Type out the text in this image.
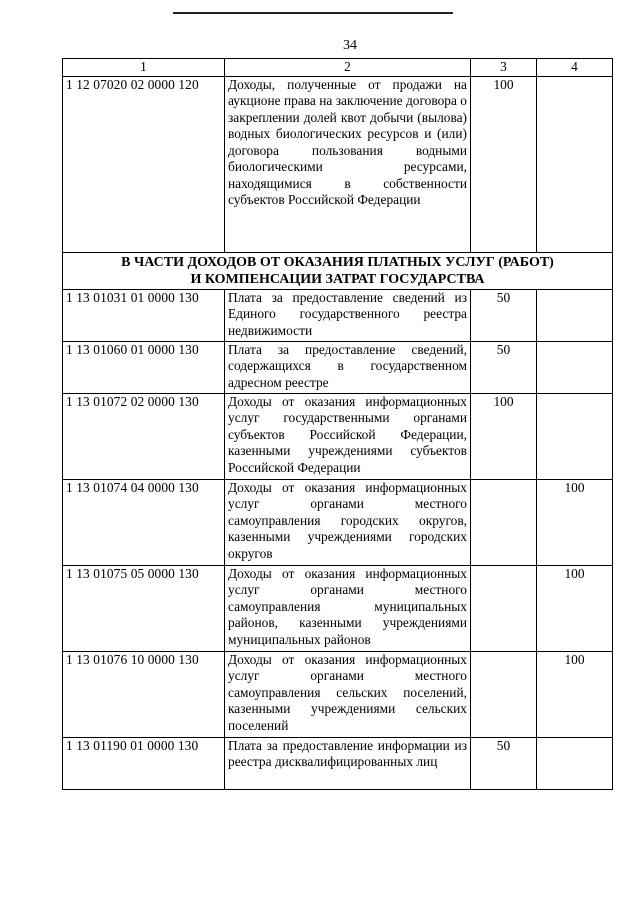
34
1	2	3	4
1 12 07020 02 0000 120	Доходы, полученные от продажи на аукционе права на заключение договора о закреплении долей квот добычи (вылова) водных биологических ресурсов и (или) договора пользования водными биологическими ресурсами, находящимися в собственности субъектов Российской Федерации	100	

В ЧАСТИ ДОХОДОВ ОТ ОКАЗАНИЯ ПЛАТНЫХ УСЛУГ (РАБОТ)
И КОМПЕНСАЦИИ ЗАТРАТ ГОСУДАРСТВА			

1 13 01031 01 0000 130	Плата за предоставление сведений из Единого государственного реестра недвижимости	50	
1 13 01060 01 0000 130	Плата за предоставление сведений, содержащихся в государственном адресном реестре	50	
1 13 01072 02 0000 130	Доходы от оказания информационных услуг государственными органами субъектов Российской Федерации, казенными учреждениями субъектов Российской Федерации	100	
1 13 01074 04 0000 130	Доходы от оказания информационных услуг органами местного самоуправления городских округов, казенными учреждениями городских округов		100
1 13 01075 05 0000 130	Доходы от оказания информационных услуг органами местного самоуправления муниципальных районов, казенными учреждениями муниципальных районов		100
1 13 01076 10 0000 130	Доходы от оказания информационных услуг органами местного самоуправления сельских поселений, казенными учреждениями сельских поселений		100
1 13 01190 01 0000 130	Плата за предоставление информации из реестра дисквалифицированных лиц	50	
